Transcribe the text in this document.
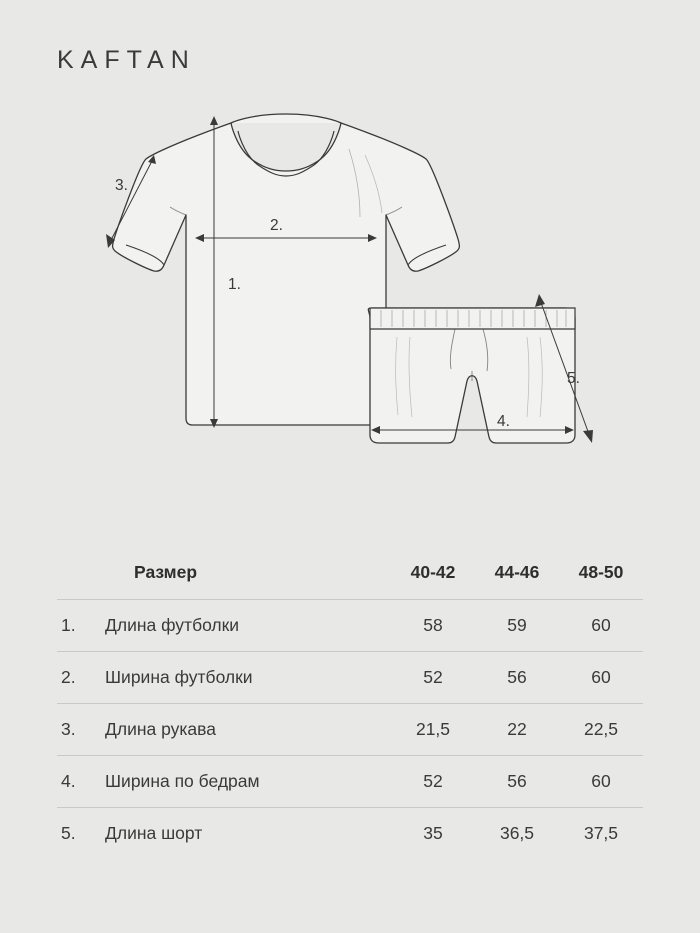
KAFTAN
1.
2.
3.
4.
5.
Размер		40-42	44-46	48-50
1.	Длина футболки	58	59	60
2.	Ширина футболки	52	56	60
3.	Длина рукава	21,5	22	22,5
4.	Ширина по бедрам	52	56	60
5.	Длина шорт	35	36,5	37,5
